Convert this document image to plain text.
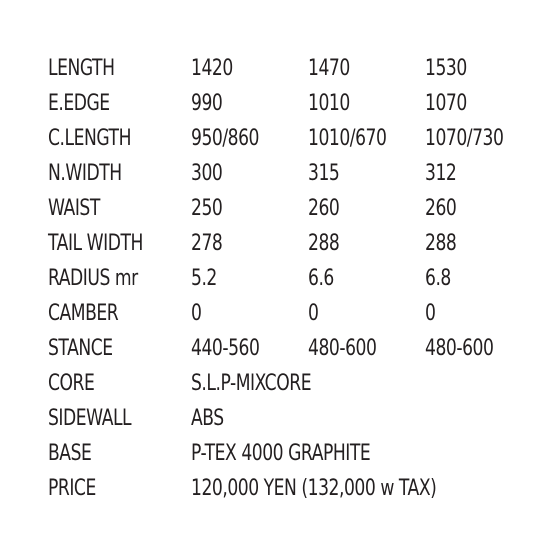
LENGTH	1420	1470	1530
E.EDGE	990	1010	1070
C.LENGTH	950/860 1010/670 1070/730
N.WIDTH	300	315	312
WAIST	250	260	260
TAIL WIDTH 278	288	288
RADIUS mr 5.2	6.6	6.8
CAMBER	0	0	0
STANCE	440-560 480-600 480-600
CORE	S.L.P-MIXCORE
SIDEWALL	ABS
BASE	P-TEX 4000 GRAPHITE
PRICE	120,000 YEN (132,000 w TAX)
